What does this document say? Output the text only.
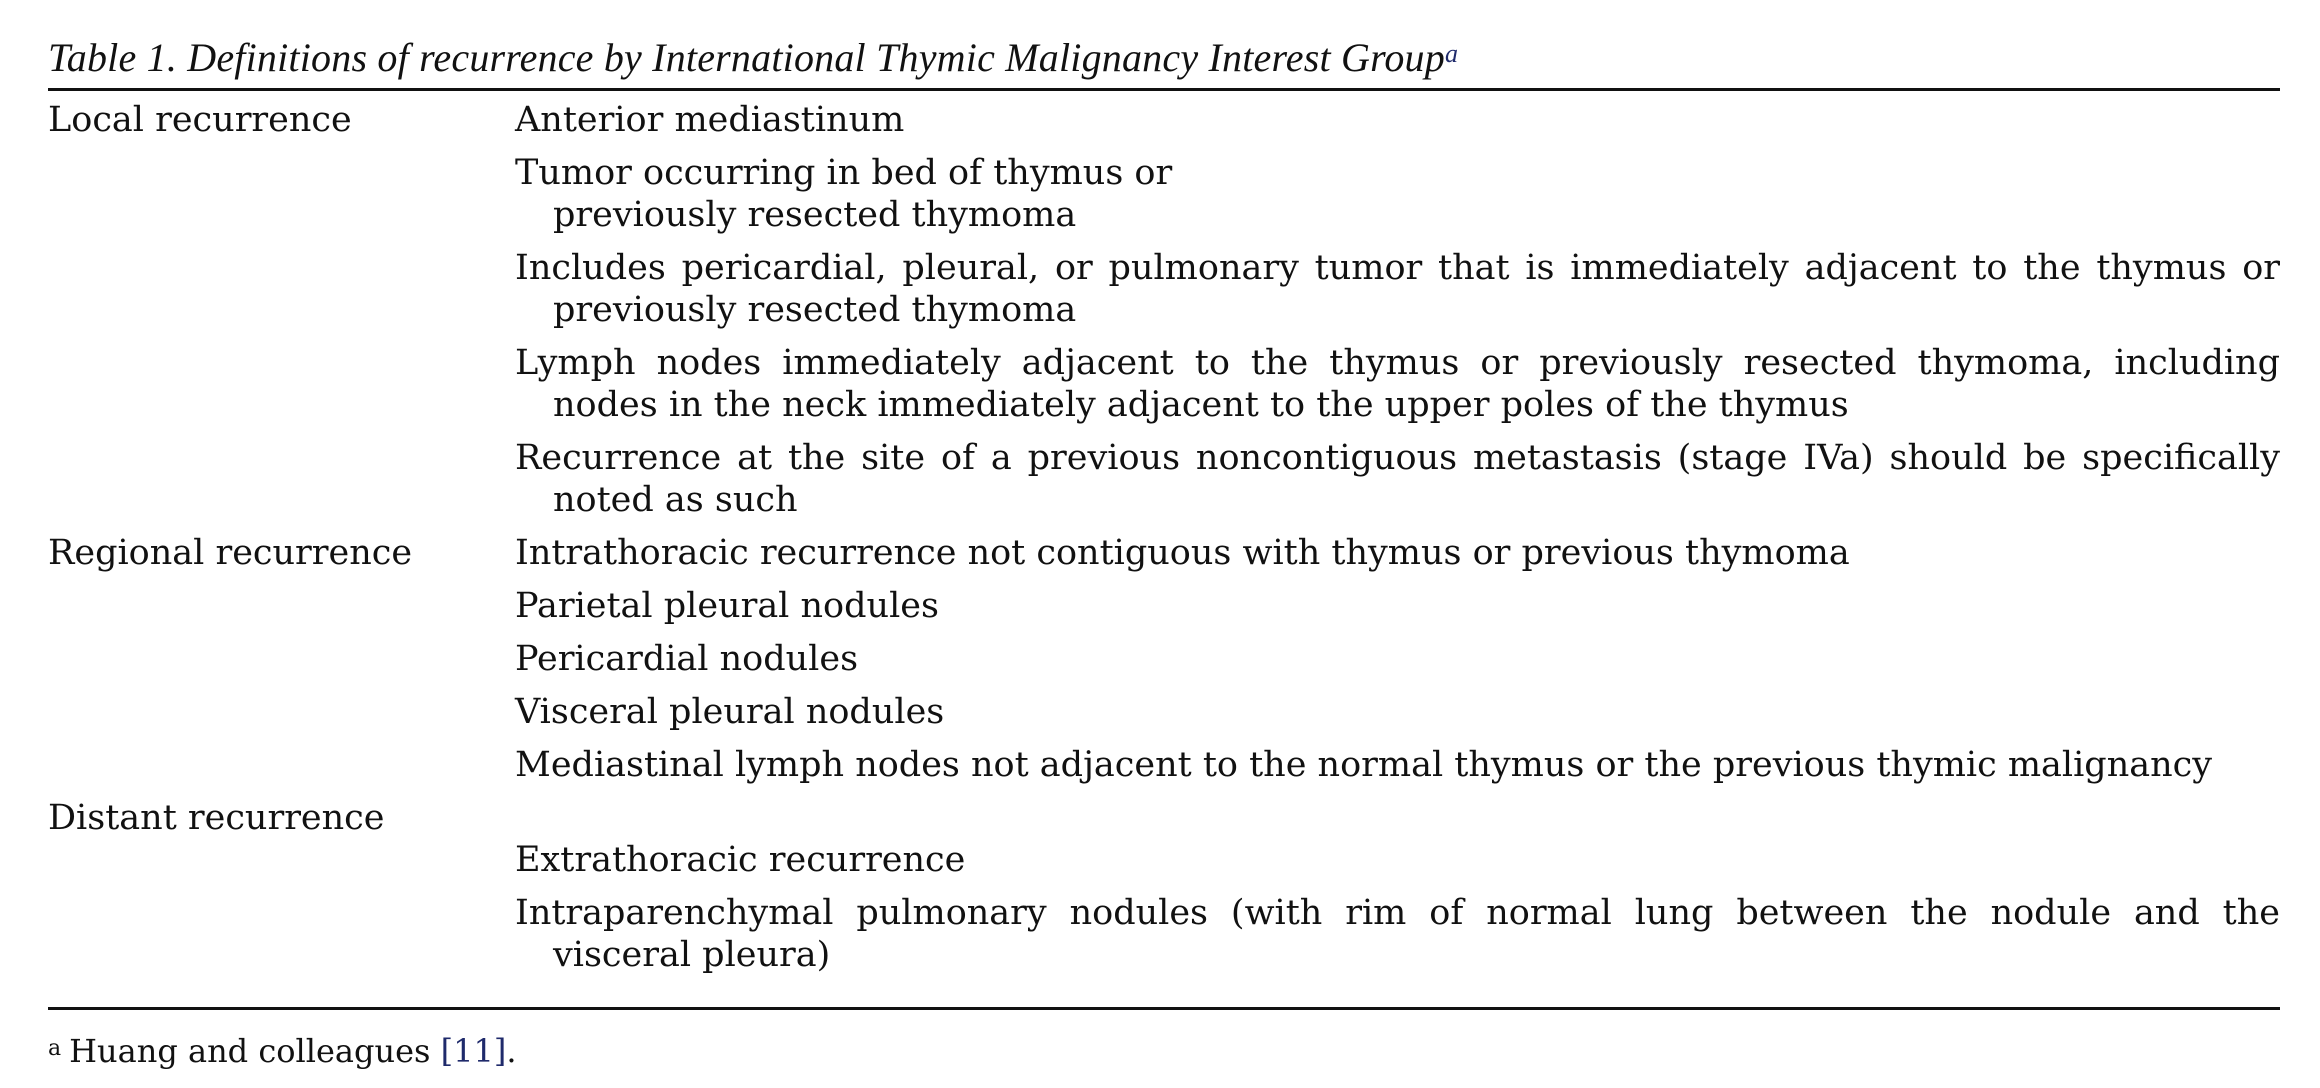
Table 1. Definitions of recurrence by International Thymic Malignancy Interest Group$^a$
Local recurrence	Anterior mediastinum
Tumor occurring in bed of thymus or previously resected thymoma
Includes pericardial, pleural, or pulmonary tumor that is immediately adjacent to the thymus or previously resected thymoma
Lymph nodes immediately adjacent to the thymus or previously resected thymoma, including nodes in the neck immediately adjacent to the upper poles of the thymus
Recurrence at the site of a previous noncontiguous metastasis (stage IVa) should be specifically noted as such
Regional recurrence	Intrathoracic recurrence not contiguous with thymus or previous thymoma
Parietal pleural nodules
Pericardial nodules
Visceral pleural nodules
Mediastinal lymph nodes not adjacent to the normal thymus or the previous thymic malignancy
Distant recurrence
Extrathoracic recurrence
Intraparenchymal pulmonary nodules (with rim of normal lung between the nodule and the visceral pleura)
$^a$ Huang and colleagues [11].
